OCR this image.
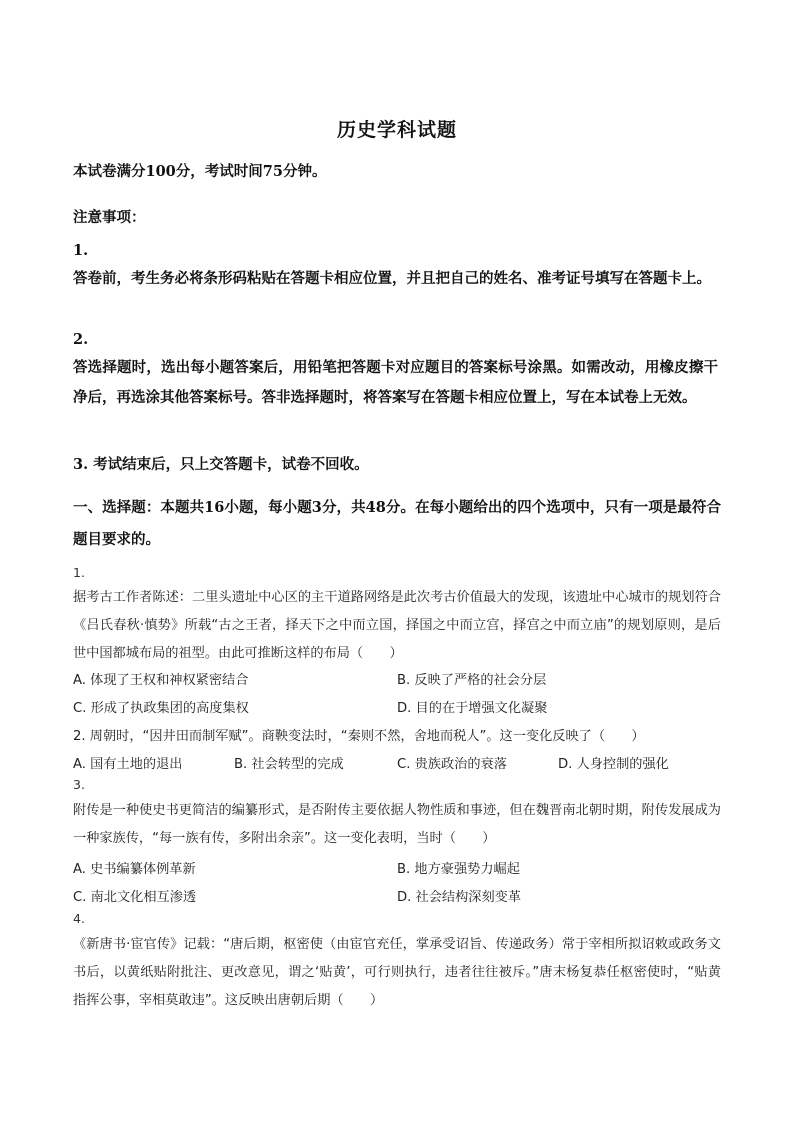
历史学科试题
本试卷满分100分，考试时间75分钟。
注意事项：
1.
答卷前，考生务必将条形码粘贴在答题卡相应位置，并且把自己的姓名、准考证号填写在答题卡上。
2.
答选择题时，选出每小题答案后，用铅笔把答题卡对应题目的答案标号涂黑。如需改动，用橡皮擦干净后，再选涂其他答案标号。答非选择题时，将答案写在答题卡相应位置上，写在本试卷上无效。
3. 考试结束后，只上交答题卡，试卷不回收。
一、选择题：本题共16小题，每小题3分，共48分。在每小题给出的四个选项中，只有一项是最符合题目要求的。
1.
据考古工作者陈述：二里头遗址中心区的主干道路网络是此次考古价值最大的发现，该遗址中心城市的规划符合《吕氏春秋·慎势》所载“古之王者，择天下之中而立国，择国之中而立宫，择宫之中而立庙”的规划原则，是后世中国都城布局的祖型。由此可推断这样的布局（　　）
A. 体现了王权和神权紧密结合	B. 反映了严格的社会分层
C. 形成了执政集团的高度集权	D. 目的在于增强文化凝聚
2. 周朝时，“因井田而制军赋”。商鞅变法时，“秦则不然，舍地而税人”。这一变化反映了（　　）
A. 国有土地的退出	B. 社会转型的完成	C. 贵族政治的衰落	D. 人身控制的强化
3.
附传是一种使史书更简洁的编纂形式，是否附传主要依据人物性质和事迹，但在魏晋南北朝时期，附传发展成为一种家族传，“每一族有传，多附出余亲”。这一变化表明，当时（　　）
A. 史书编纂体例革新	B. 地方豪强势力崛起
C. 南北文化相互渗透	D. 社会结构深刻变革
4.
《新唐书·宦官传》记载：“唐后期，枢密使（由宦官充任，掌承受诏旨、传递政务）常于宰相所拟诏敕或政务文书后，以黄纸贴附批注、更改意见，谓之‘贴黄’，可行则执行，违者往往被斥。”唐末杨复恭任枢密使时，“贴黄指挥公事，宰相莫敢违”。这反映出唐朝后期（　　）
